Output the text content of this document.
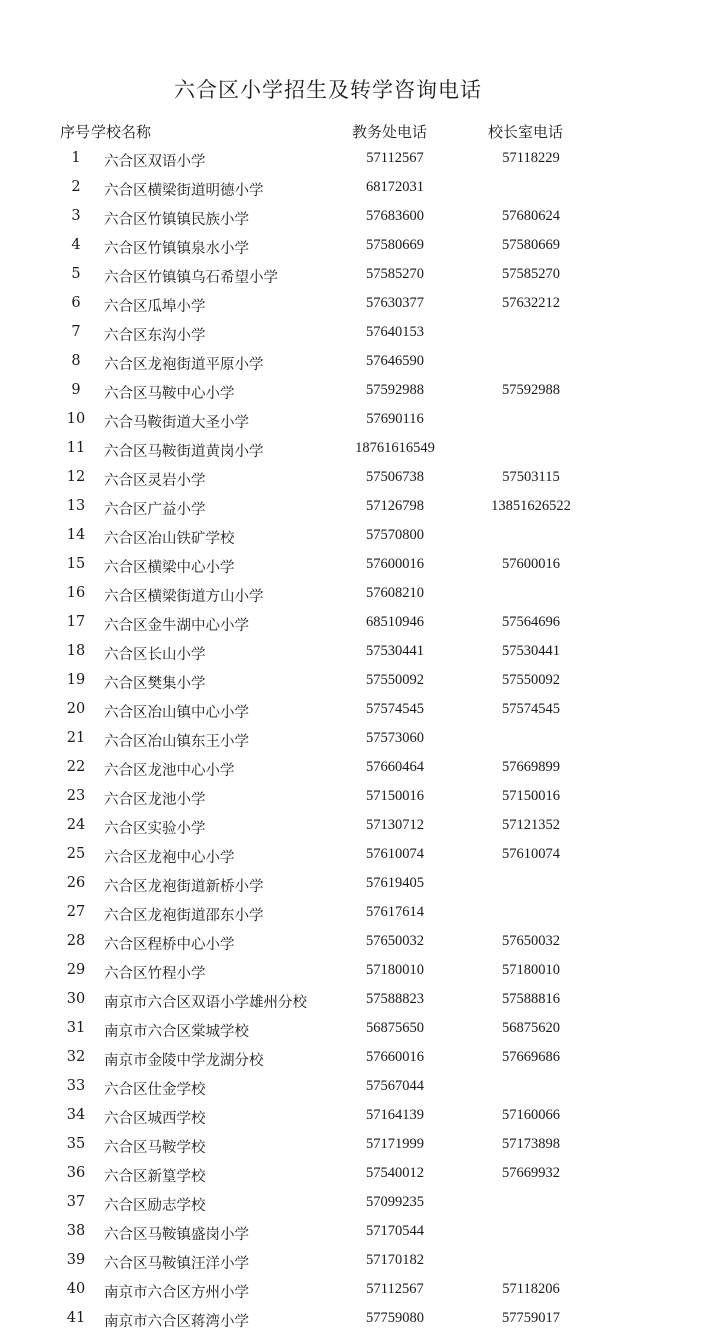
六合区小学招生及转学咨询电话
序号 学校名称	教务处电话	校长室电话
1	六合区双语小学	57112567	57118229
2	六合区横梁街道明德小学	68172031
3	六合区竹镇镇民族小学	57683600	57680624
4	六合区竹镇镇泉水小学	57580669	57580669
5	六合区竹镇镇乌石希望小学	57585270	57585270
6	六合区瓜埠小学	57630377	57632212
7	六合区东沟小学	57640153
8	六合区龙袍街道平原小学	57646590
9	六合区马鞍中心小学	57592988	57592988
10	六合马鞍街道大圣小学	57690116
11	六合区马鞍街道黄岗小学	18761616549
12	六合区灵岩小学	57506738	57503115
13	六合区广益小学	57126798	13851626522
14	六合区冶山铁矿学校	57570800
15	六合区横梁中心小学	57600016	57600016
16	六合区横梁街道方山小学	57608210
17	六合区金牛湖中心小学	68510946	57564696
18	六合区长山小学	57530441	57530441
19	六合区樊集小学	57550092	57550092
20	六合区冶山镇中心小学	57574545	57574545
21	六合区冶山镇东王小学	57573060
22	六合区龙池中心小学	57660464	57669899
23	六合区龙池小学	57150016	57150016
24	六合区实验小学	57130712	57121352
25	六合区龙袍中心小学	57610074	57610074
26	六合区龙袍街道新桥小学	57619405
27	六合区龙袍街道邵东小学	57617614
28	六合区程桥中心小学	57650032	57650032
29	六合区竹程小学	57180010	57180010
30	南京市六合区双语小学雄州分校	57588823	57588816
31	南京市六合区棠城学校	56875650	56875620
32	南京市金陵中学龙湖分校	57660016	57669686
33	六合区仕金学校	57567044
34	六合区城西学校	57164139	57160066
35	六合区马鞍学校	57171999	57173898
36	六合区新篁学校	57540012	57669932
37	六合区励志学校	57099235
38	六合区马鞍镇盛岗小学	57170544
39	六合区马鞍镇汪洋小学	57170182
40	南京市六合区方州小学	57112567	57118206
41	南京市六合区蒋湾小学	57759080	57759017
